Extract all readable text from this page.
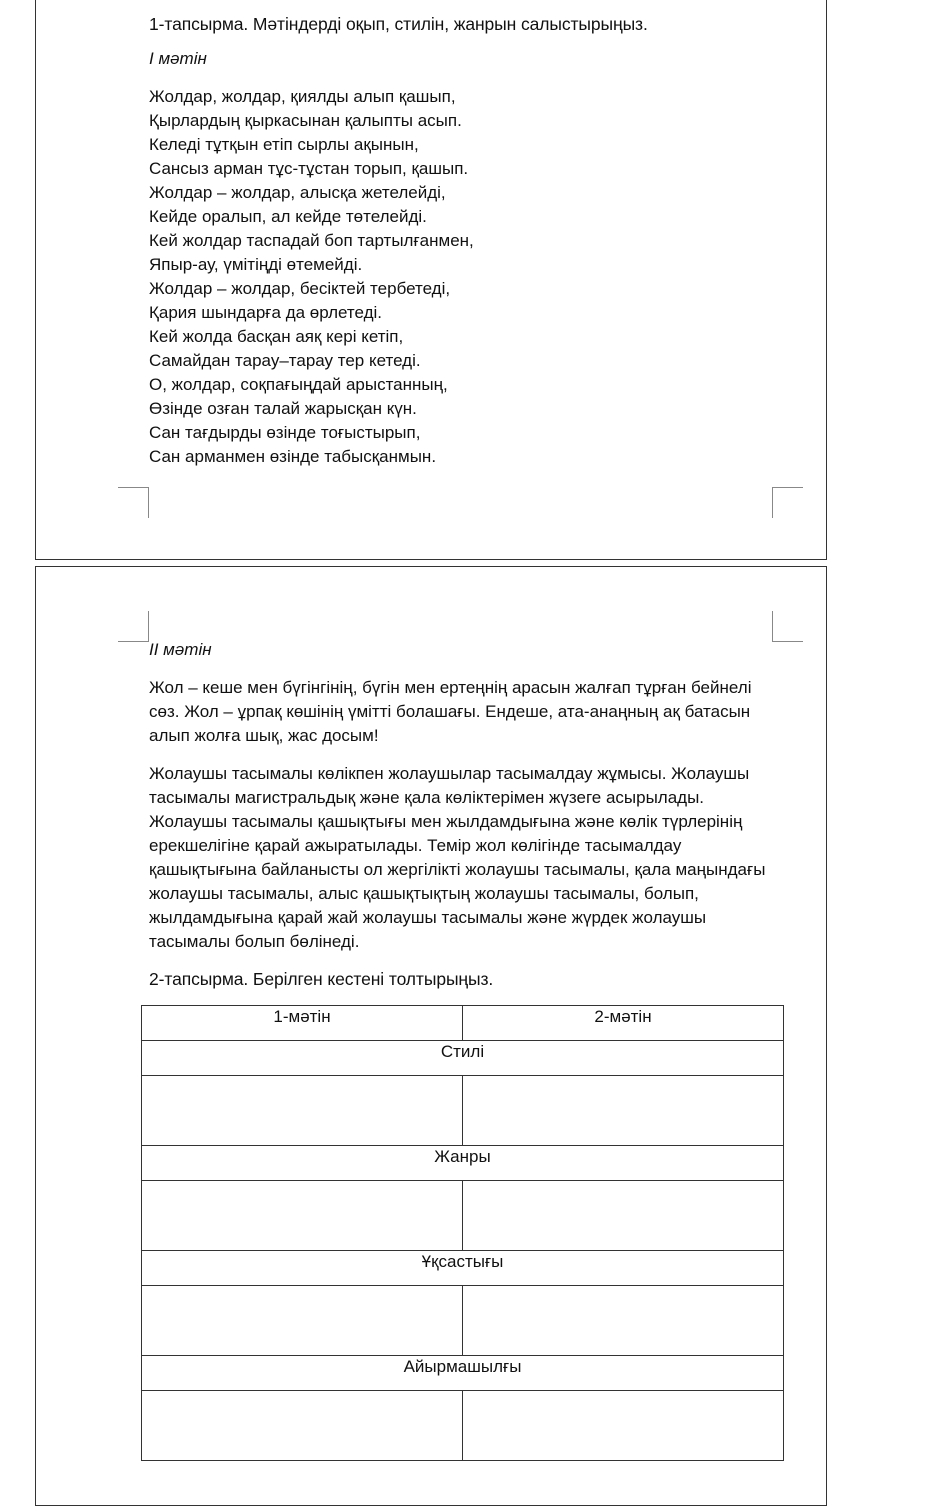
1-тапсырма. Мәтіндерді оқып, стилін, жанрын салыстырыңыз.

I мәтін

Жолдар, жолдар, қиялды алып қашып,
Қырлардың қыркасынан қалыпты асып.
Келеді тұтқын етіп сырлы ақынын,
Сансыз арман тұс-тұстан торып, қашып.
Жолдар – жолдар, алысқа жетелейді,
Кейде оралып, ал кейде төтелейді.
Кей жолдар таспадай боп тартылғанмен,
Япыр-ау, үмітіңді өтемейді.
Жолдар – жолдар, бесіктей тербетеді,
Қария шындарға да өрлетеді.
Кей жолда басқан аяқ кері кетіп,
Самайдан тарау–тарау тер кетеді.
О, жолдар, соқпағыңдай арыстанның,
Өзінде озған талай жарысқан күн.
Сан тағдырды өзінде тоғыстырып,
Сан арманмен өзінде табысқанмын.

II мәтін

Жол – кеше мен бүгінгінің, бүгін мен ертеңнің арасын жалғап тұрған бейнелі сөз. Жол – ұрпақ көшінің үмітті болашағы. Ендеше, ата-анаңның ақ батасын алып жолға шық, жас досым!

Жолаушы тасымалы көлікпен жолаушылар тасымалдау жұмысы. Жолаушы тасымалы магистральдық және қала көліктерімен жүзеге асырылады. Жолаушы тасымалы қашықтығы мен жылдамдығына және көлік түрлерінің ерекшелігіне қарай ажыратылады. Темір жол көлігінде тасымалдау қашықтығына байланысты ол жергілікті жолаушы тасымалы, қала маңындағы жолаушы тасымалы, алыс қашықтықтың жолаушы тасымалы, болып, жылдамдығына қарай жай жолаушы тасымалы және жүрдек жолаушы тасымалы болып бөлінеді.

2-тапсырма. Берілген кестені толтырыңыз.

1-мәтін	2-мәтін
Стилі	

Жанры	

Ұқсастығы	

Айырмашылғы	
